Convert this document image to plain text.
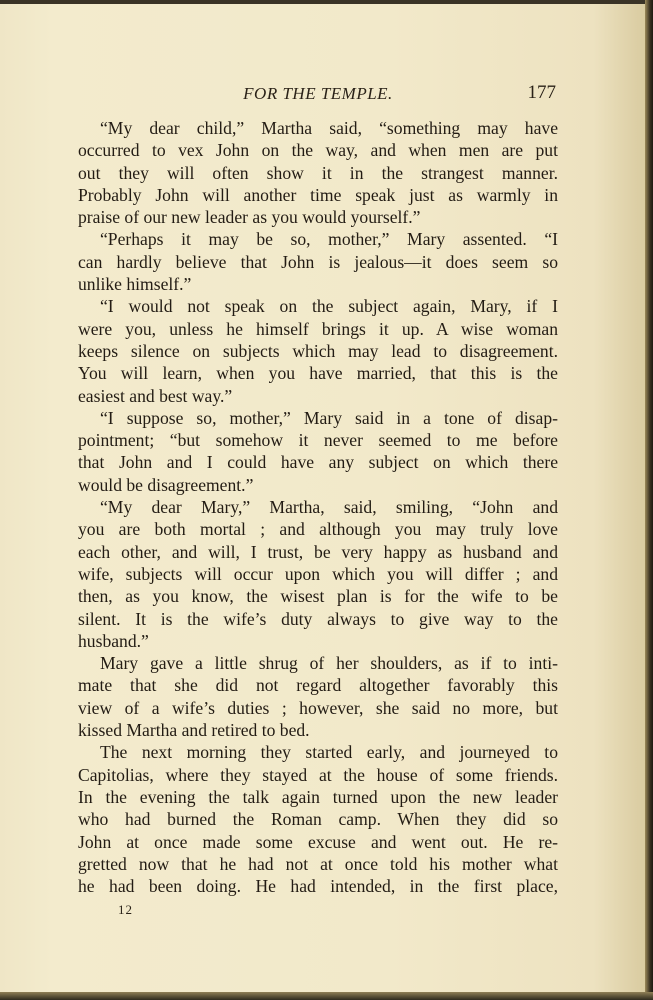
FOR THE TEMPLE.	177
“My dear child,” Martha said, “something may have
occurred to vex John on the way, and when men are put
out they will often show it in the strangest manner.
Probably John will another time speak just as warmly in
praise of our new leader as you would yourself.”
“Perhaps it may be so, mother,” Mary assented. “I
can hardly believe that John is jealous—it does seem so
unlike himself.”
“I would not speak on the subject again, Mary, if I
were you, unless he himself brings it up. A wise woman
keeps silence on subjects which may lead to disagreement.
You will learn, when you have married, that this is the
easiest and best way.”
“I suppose so, mother,” Mary said in a tone of disap-
pointment; “but somehow it never seemed to me before
that John and I could have any subject on which there
would be disagreement.”
“My dear Mary,” Martha, said, smiling, “John and
you are both mortal ; and although you may truly love
each other, and will, I trust, be very happy as husband and
wife, subjects will occur upon which you will differ ; and
then, as you know, the wisest plan is for the wife to be
silent. It is the wife’s duty always to give way to the
husband.”
Mary gave a little shrug of her shoulders, as if to inti-
mate that she did not regard altogether favorably this
view of a wife’s duties ; however, she said no more, but
kissed Martha and retired to bed.
The next morning they started early, and journeyed to
Capitolias, where they stayed at the house of some friends.
In the evening the talk again turned upon the new leader
who had burned the Roman camp. When they did so
John at once made some excuse and went out. He re-
gretted now that he had not at once told his mother what
he had been doing. He had intended, in the first place,
12
